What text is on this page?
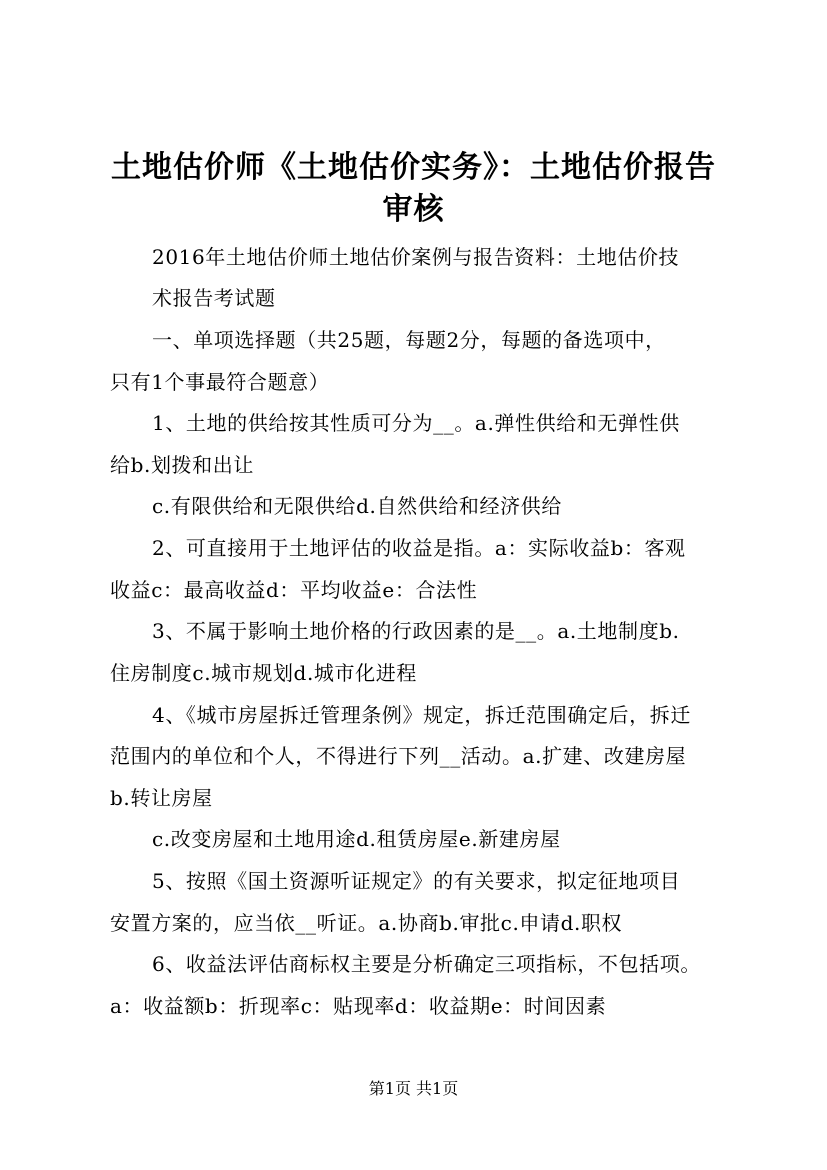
土地估价师《土地估价实务》：土地估价报告
审核

2016年土地估价师土地估价案例与报告资料：土地估价技

术报告考试题

一、单项选择题（共25题，每题2分，每题的备选项中，

只有1个事最符合题意）

1、土地的供给按其性质可分为__。a.弹性供给和无弹性供

给b.划拨和出让

c.有限供给和无限供给d.自然供给和经济供给

2、可直接用于土地评估的收益是指。a：实际收益b：客观

收益c：最高收益d：平均收益e：合法性

3、不属于影响土地价格的行政因素的是__。a.土地制度b.

住房制度c.城市规划d.城市化进程

4、《城市房屋拆迁管理条例》规定，拆迁范围确定后，拆迁

范围内的单位和个人，不得进行下列__活动。a.扩建、改建房屋

b.转让房屋

c.改变房屋和土地用途d.租赁房屋e.新建房屋

5、按照《国土资源听证规定》的有关要求，拟定征地项目

安置方案的，应当依__听证。a.协商b.审批c.申请d.职权

6、收益法评估商标权主要是分析确定三项指标，不包括项。

a：收益额b：折现率c：贴现率d：收益期e：时间因素

第1页 共1页
